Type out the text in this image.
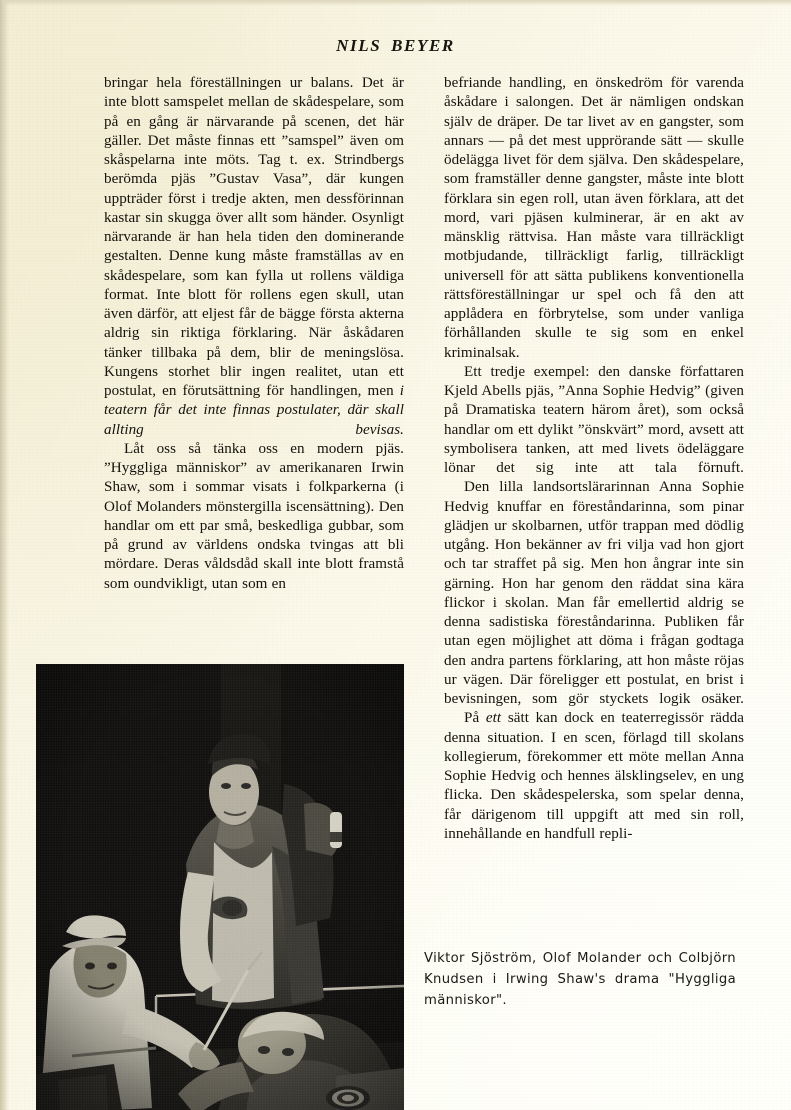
NILS BEYER

bringar hela föreställningen ur balans. Det är inte blott samspelet mellan de skådespelare, som på en gång är närvarande på scenen, det här gäller. Det måste finnas ett ”samspel” även om skåspelarna inte möts. Tag t. ex. Strindbergs berömda pjäs ”Gustav Vasa”, där kungen uppträder först i tredje akten, men dessförinnan kastar sin skugga över allt som händer. Osynligt närvarande är han hela tiden den dominerande gestalten. Denne kung måste framställas av en skådespelare, som kan fylla ut rollens väldiga format. Inte blott för rollens egen skull, utan även därför, att eljest får de bägge första akterna aldrig sin riktiga förklaring. När åskådaren tänker tillbaka på dem, blir de meningslösa. Kungens storhet blir ingen realitet, utan ett postulat, en förutsättning för handlingen, men i teatern får det inte finnas postulater, där skall allting bevisas.

Låt oss så tänka oss en modern pjäs. ”Hyggliga människor” av amerikanaren Irwin Shaw, som i sommar visats i folkparkerna (i Olof Molanders mönstergilla iscensättning). Den handlar om ett par små, beskedliga gubbar, som på grund av världens ondska tvingas att bli mördare. Deras våldsdåd skall inte blott framstå som oundvikligt, utan som en

befriande handling, en önskedröm för varenda åskådare i salongen. Det är nämligen ondskan själv de dräper. De tar livet av en gangster, som annars — på det mest upprörande sätt — skulle ödelägga livet för dem själva. Den skådespelare, som framställer denne gangster, måste inte blott förklara sin egen roll, utan även förklara, att det mord, vari pjäsen kulminerar, är en akt av mänsklig rättvisa. Han måste vara tillräckligt motbjudande, tillräckligt farlig, tillräckligt universell för att sätta publikens konventionella rättsföreställningar ur spel och få den att applådera en förbrytelse, som under vanliga förhållanden skulle te sig som en enkel kriminalsak.

Ett tredje exempel: den danske författaren Kjeld Abells pjäs, ”Anna Sophie Hedvig” (given på Dramatiska teatern härom året), som också handlar om ett dylikt ”önskvärt” mord, avsett att symbolisera tanken, att med livets ödeläggare lönar det sig inte att tala förnuft.

Den lilla landsortslärarinnan Anna Sophie Hedvig knuffar en föreståndarinna, som pinar glädjen ur skolbarnen, utför trappan med dödlig utgång. Hon bekänner av fri vilja vad hon gjort och tar straffet på sig. Men hon ångrar inte sin gärning. Hon har genom den räddat sina kära flickor i skolan. Man får emellertid aldrig se denna sadistiska föreståndarinna. Publiken får utan egen möjlighet att döma i frågan godtaga den andra partens förklaring, att hon måste röjas ur vägen. Där föreligger ett postulat, en brist i bevisningen, som gör styckets logik osäker.

På ett sätt kan dock en teaterregissör rädda denna situation. I en scen, förlagd till skolans kollegierum, förekommer ett möte mellan Anna Sophie Hedvig och hennes älsklingselev, en ung flicka. Den skådespelerska, som spelar denna, får därigenom till uppgift att med sin roll, innehållande en handfull repli-

Viktor Sjöström, Olof Molander och Colbjörn Knudsen i Irwing Shaw's drama "Hyggliga människor".
